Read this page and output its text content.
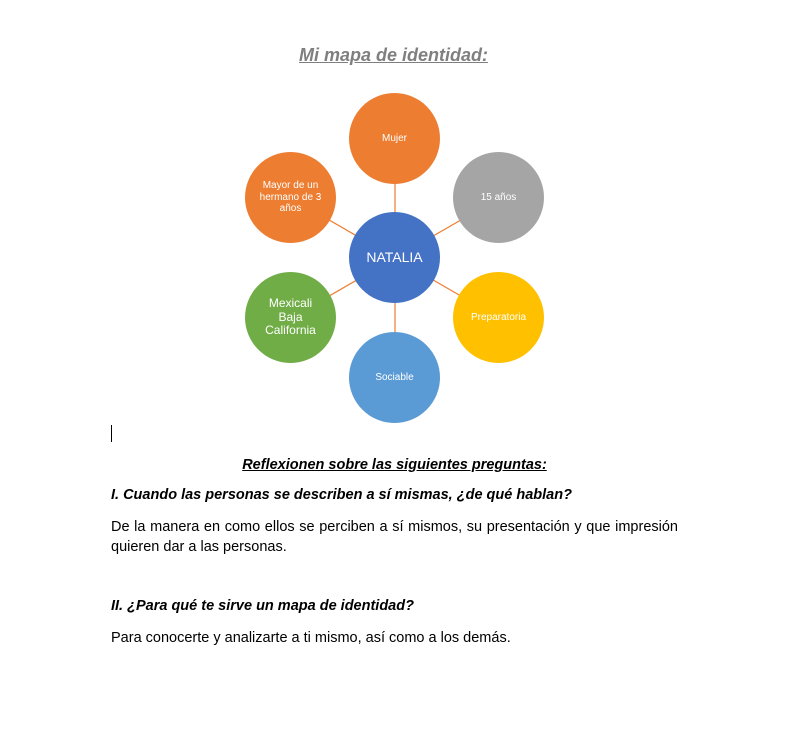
Mi mapa de identidad:
Mujer
15 años
Preparatoria
Sociable
Mexicali Baja California
Mayor de un hermano de 3 años
NATALIA

Reflexionen sobre las siguientes preguntas:

I. Cuando las personas se describen a sí mismas, ¿de qué hablan?

De la manera en como ellos se perciben a sí mismos, su presentación y que impresión quieren dar a las personas.

II. ¿Para qué te sirve un mapa de identidad?

Para conocerte y analizarte a ti mismo, así como a los demás.
